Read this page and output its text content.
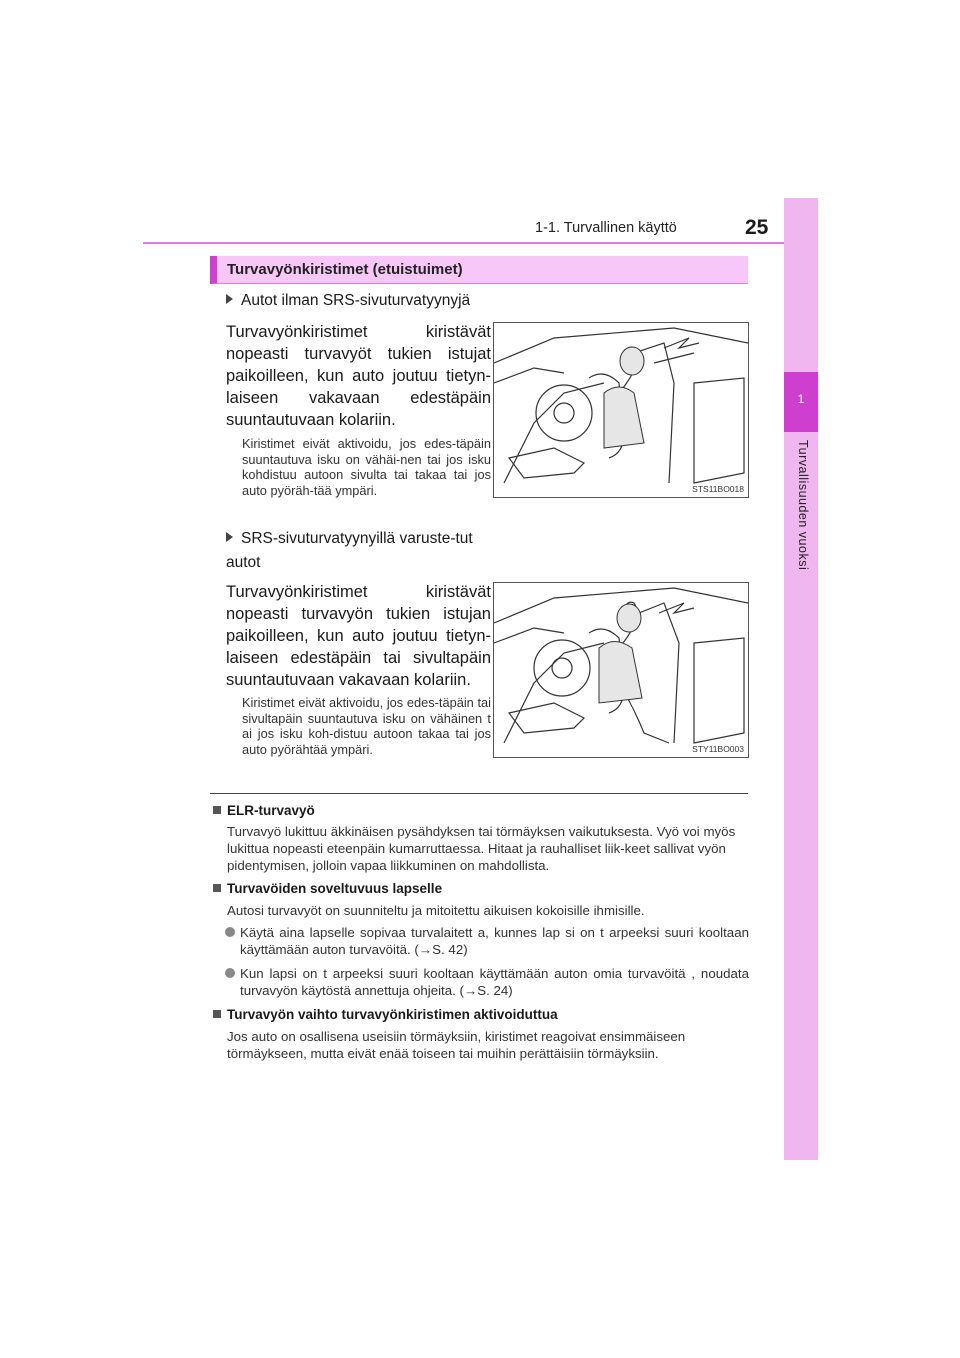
1-1. Turvallinen käyttö	25
1
Turvallisuuden vuoksi
Turvavyönkiristimet (etuistuimet)
Autot ilman SRS-sivuturvatyynyjä
Turvavyönkiristimet kiristävät nopeasti turvavyöt tukien istujat paikoilleen, kun auto joutuu tietyn-laiseen vakavaan edestäpäin suuntautuvaan kolariin.
Kiristimet eivät aktivoidu, jos edes-täpäin suuntautuva isku on vähäi-nen tai jos isku kohdistuu autoon sivulta tai takaa tai jos auto pyöräh-tää ympäri.	STS11BO018
SRS-sivuturvatyynyillä varuste-tut autot
Turvavyönkiristimet kiristävät nopeasti turvavyön tukien istujan paikoilleen, kun auto joutuu tietyn-laiseen edestäpäin tai sivultapäin suuntautuvaan vakavaan kolariin.
Kiristimet eivät aktivoidu, jos edes-täpäin tai sivultapäin suuntautuva isku on vähäinen t ai jos isku koh-distuu autoon takaa tai jos auto pyörähtää ympäri.	STY11BO003
ELR-turvavyö
Turvavyö lukittuu äkkinäisen pysähdyksen tai törmäyksen vaikutuksesta. Vyö voi myös lukittua nopeasti eteenpäin kumarruttaessa. Hitaat ja rauhalliset liik-keet sallivat vyön pidentymisen, jolloin vapaa liikkuminen on mahdollista.
Turvavöiden soveltuvuus lapselle
Autosi turvavyöt on suunniteltu ja mitoitettu aikuisen kokoisille ihmisille.
Käytä aina lapselle sopivaa turvalaitett a, kunnes lap si on t arpeeksi suuri kooltaan käyttämään auton turvavöitä. (→S. 42)
Kun lapsi on t arpeeksi suuri kooltaan käyttämään auton omia turvavöitä , noudata turvavyön käytöstä annettuja ohjeita. (→S. 24)
Turvavyön vaihto turvavyönkiristimen aktivoiduttua
Jos auto on osallisena useisiin törmäyksiin, kiristimet reagoivat ensimmäiseen törmäykseen, mutta eivät enää toiseen tai muihin perättäisiin törmäyksiin.
